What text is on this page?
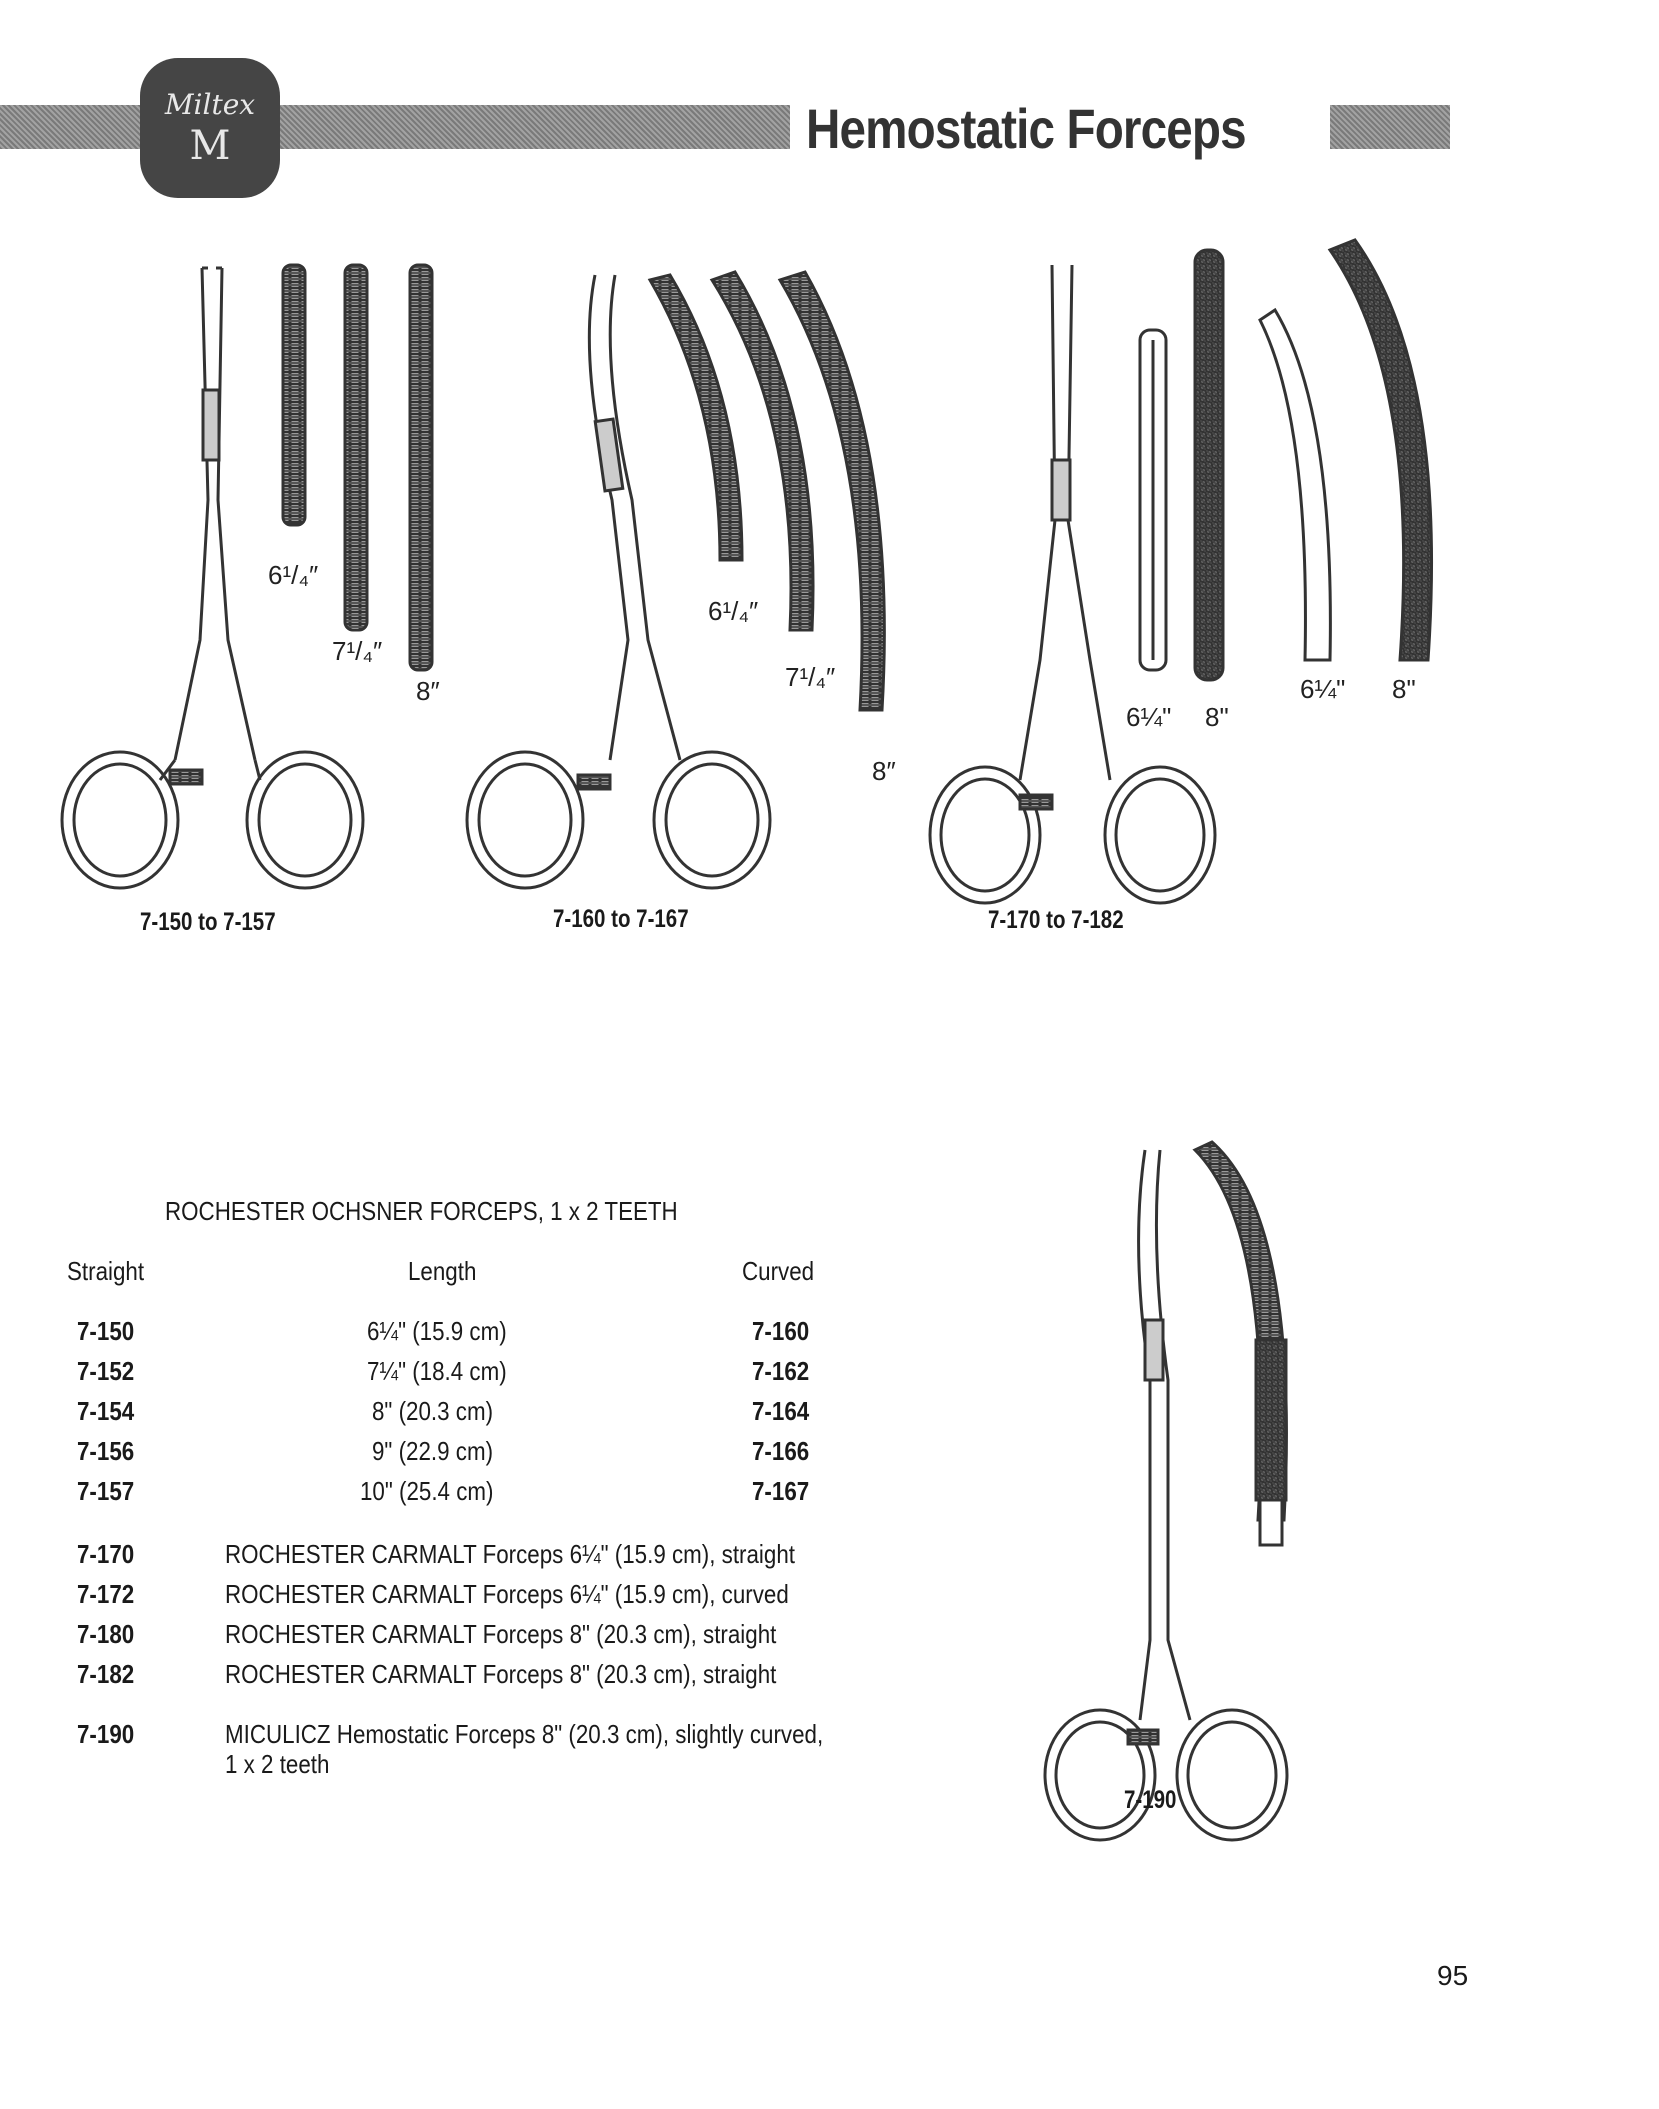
Miltex
M	Hemostatic Forceps
6¹/₄″
7¹/₄″
8″
6¹/₄″
7¹/₄″
8″
6¼" 8"
6¼" 8"
7-150 to 7-157	7-160 to 7-167	7-170 to 7-182
7-190
ROCHESTER OCHSNER FORCEPS, 1 x 2 TEETH
Straight	Length	Curved
7-150	6¼" (15.9 cm)	7-160
7-152	7¼" (18.4 cm)	7-162
7-154	8" (20.3 cm)	7-164
7-156	9" (22.9 cm)	7-166
7-157	10" (25.4 cm)	7-167
7-170	ROCHESTER CARMALT Forceps 6¼" (15.9 cm), straight
7-172	ROCHESTER CARMALT Forceps 6¼" (15.9 cm), curved
7-180	ROCHESTER CARMALT Forceps 8" (20.3 cm), straight
7-182	ROCHESTER CARMALT Forceps 8" (20.3 cm), straight
7-190	MICULICZ Hemostatic Forceps 8" (20.3 cm), slightly curved,
1 x 2 teeth
95
